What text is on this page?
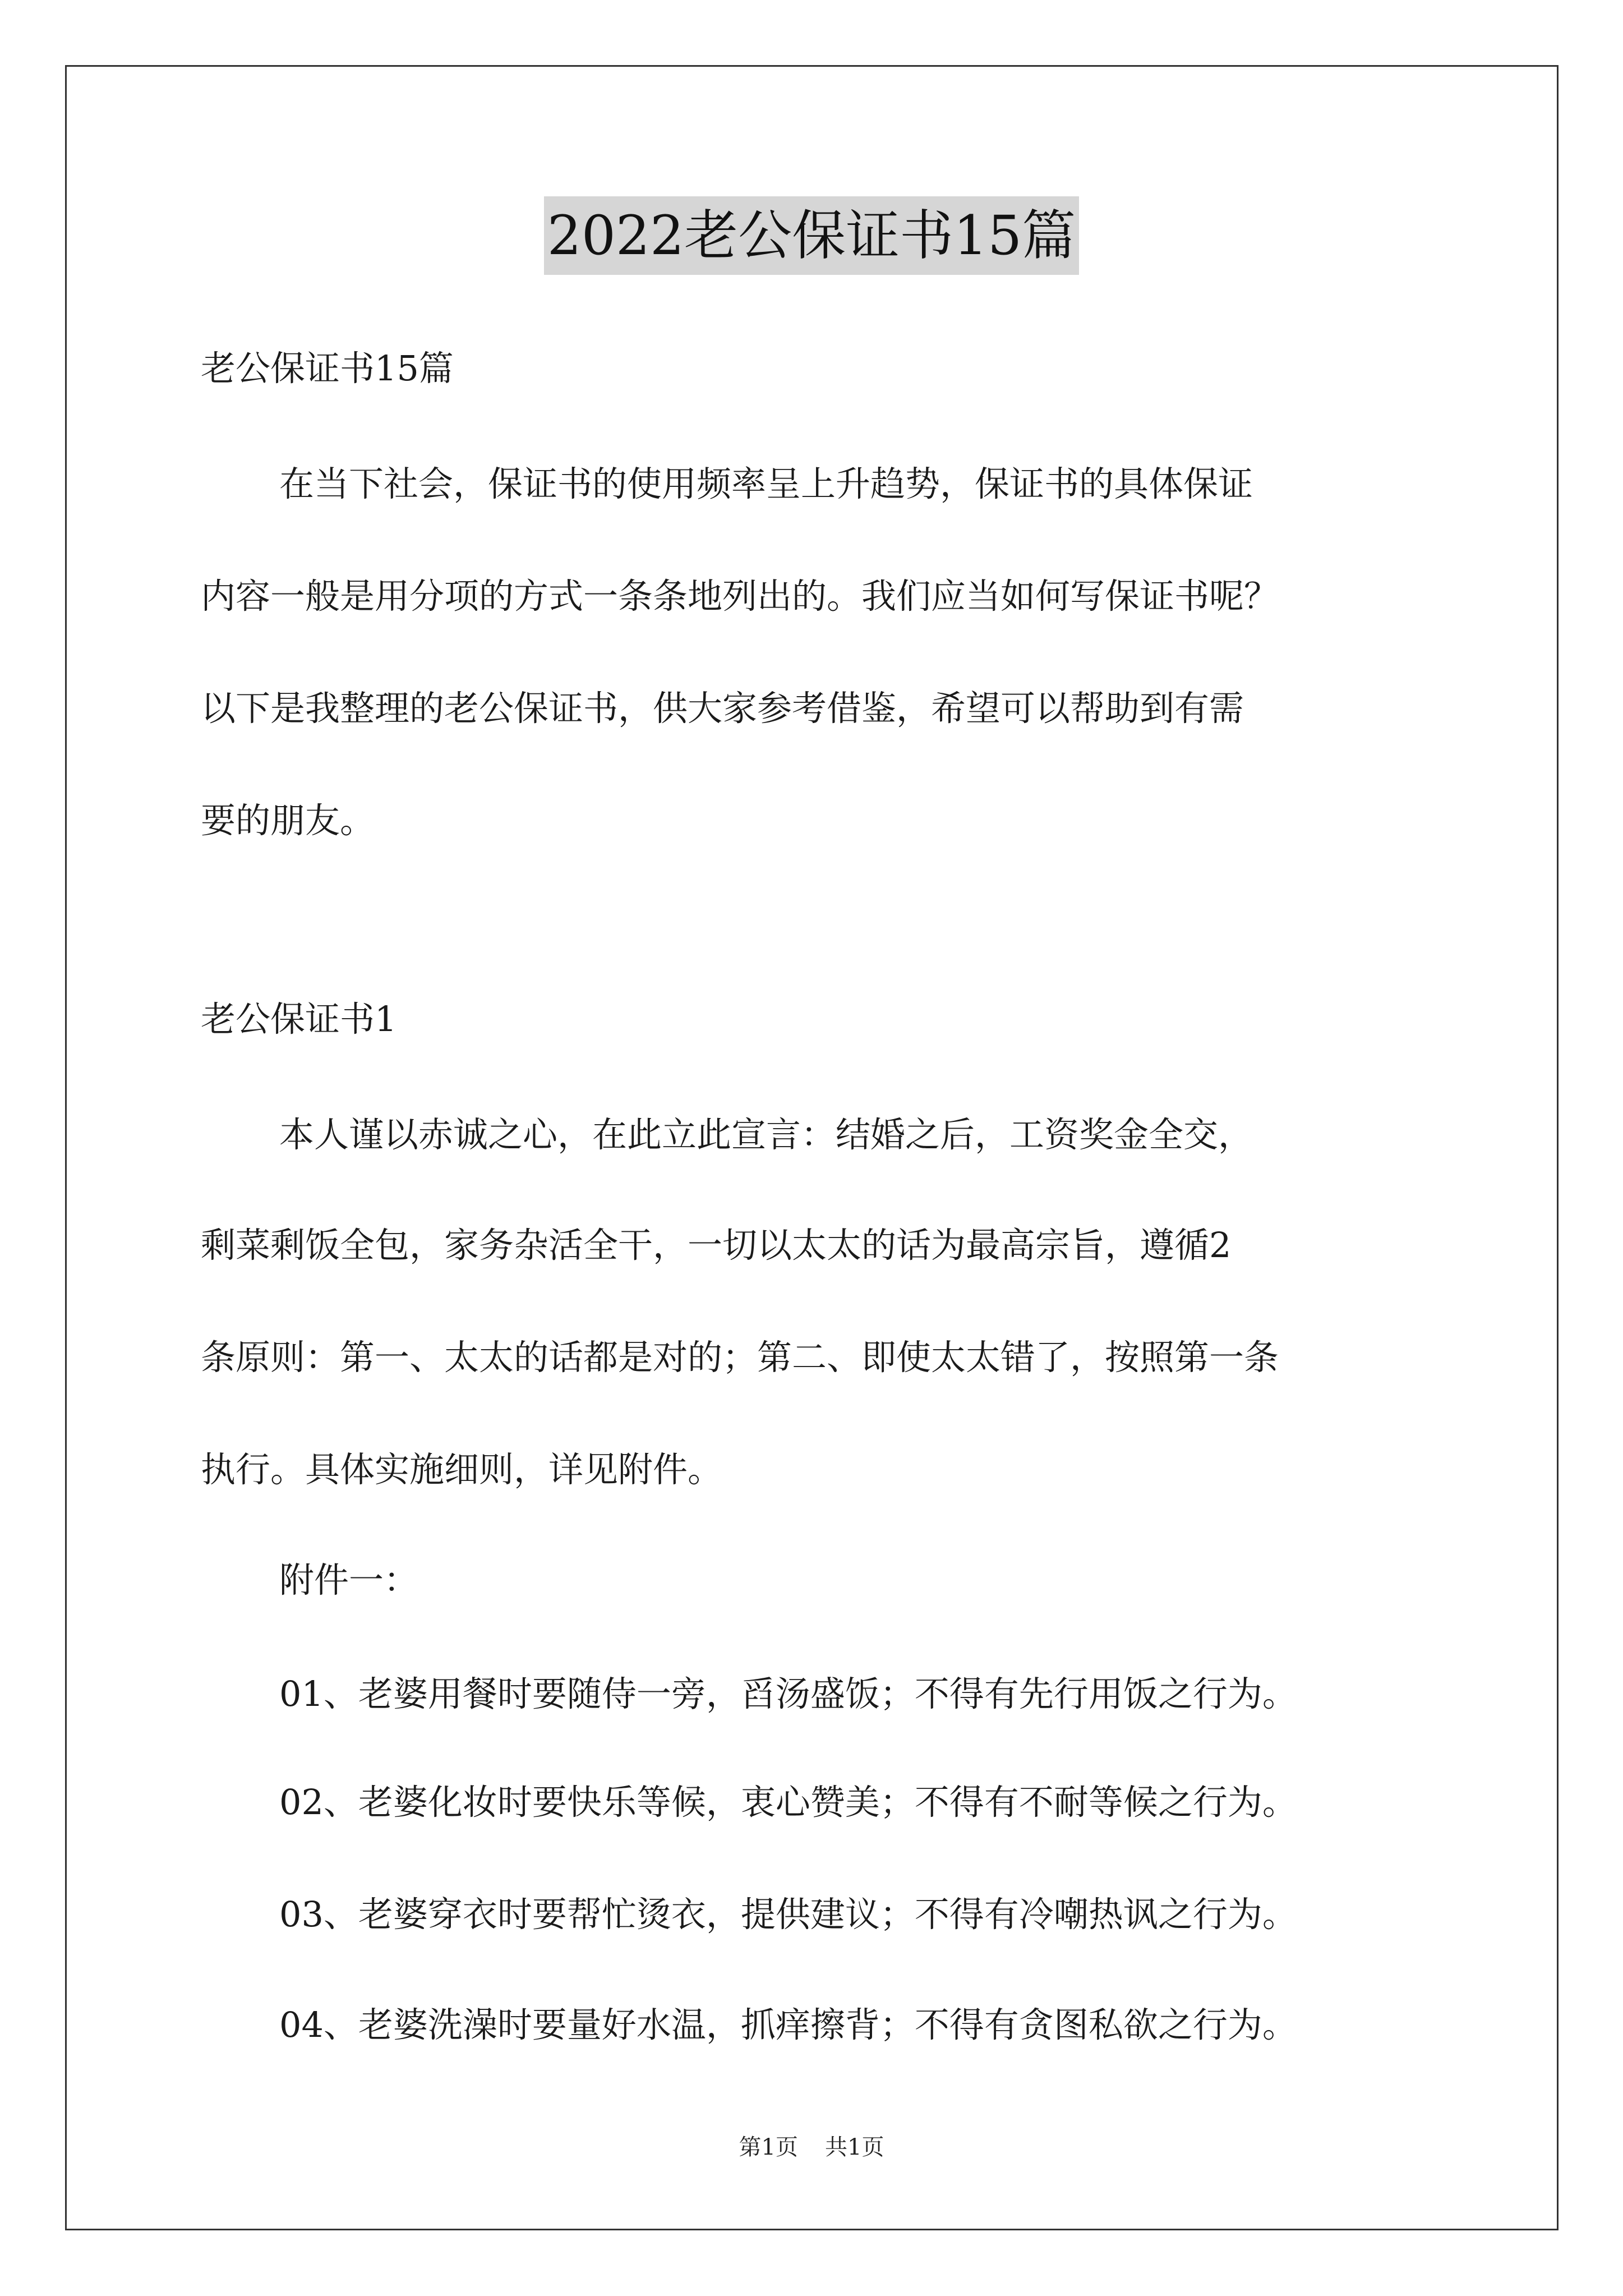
2022老公保证书15篇
老公保证书15篇
在当下社会，保证书的使用频率呈上升趋势，保证书的具体保证
内容一般是用分项的方式一条条地列出的。我们应当如何写保证书呢？
以下是我整理的老公保证书，供大家参考借鉴，希望可以帮助到有需
要的朋友。
老公保证书1
本人谨以赤诚之心，在此立此宣言：结婚之后，工资奖金全交，
剩菜剩饭全包，家务杂活全干，一切以太太的话为最高宗旨，遵循2
条原则：第一、太太的话都是对的；第二、即使太太错了，按照第一条
执行。具体实施细则，详见附件。
附件一：
01、老婆用餐时要随侍一旁，舀汤盛饭；不得有先行用饭之行为。
02、老婆化妆时要快乐等候，衷心赞美；不得有不耐等候之行为。
03、老婆穿衣时要帮忙烫衣，提供建议；不得有冷嘲热讽之行为。
04、老婆洗澡时要量好水温，抓痒擦背；不得有贪图私欲之行为。
第1页 共1页
